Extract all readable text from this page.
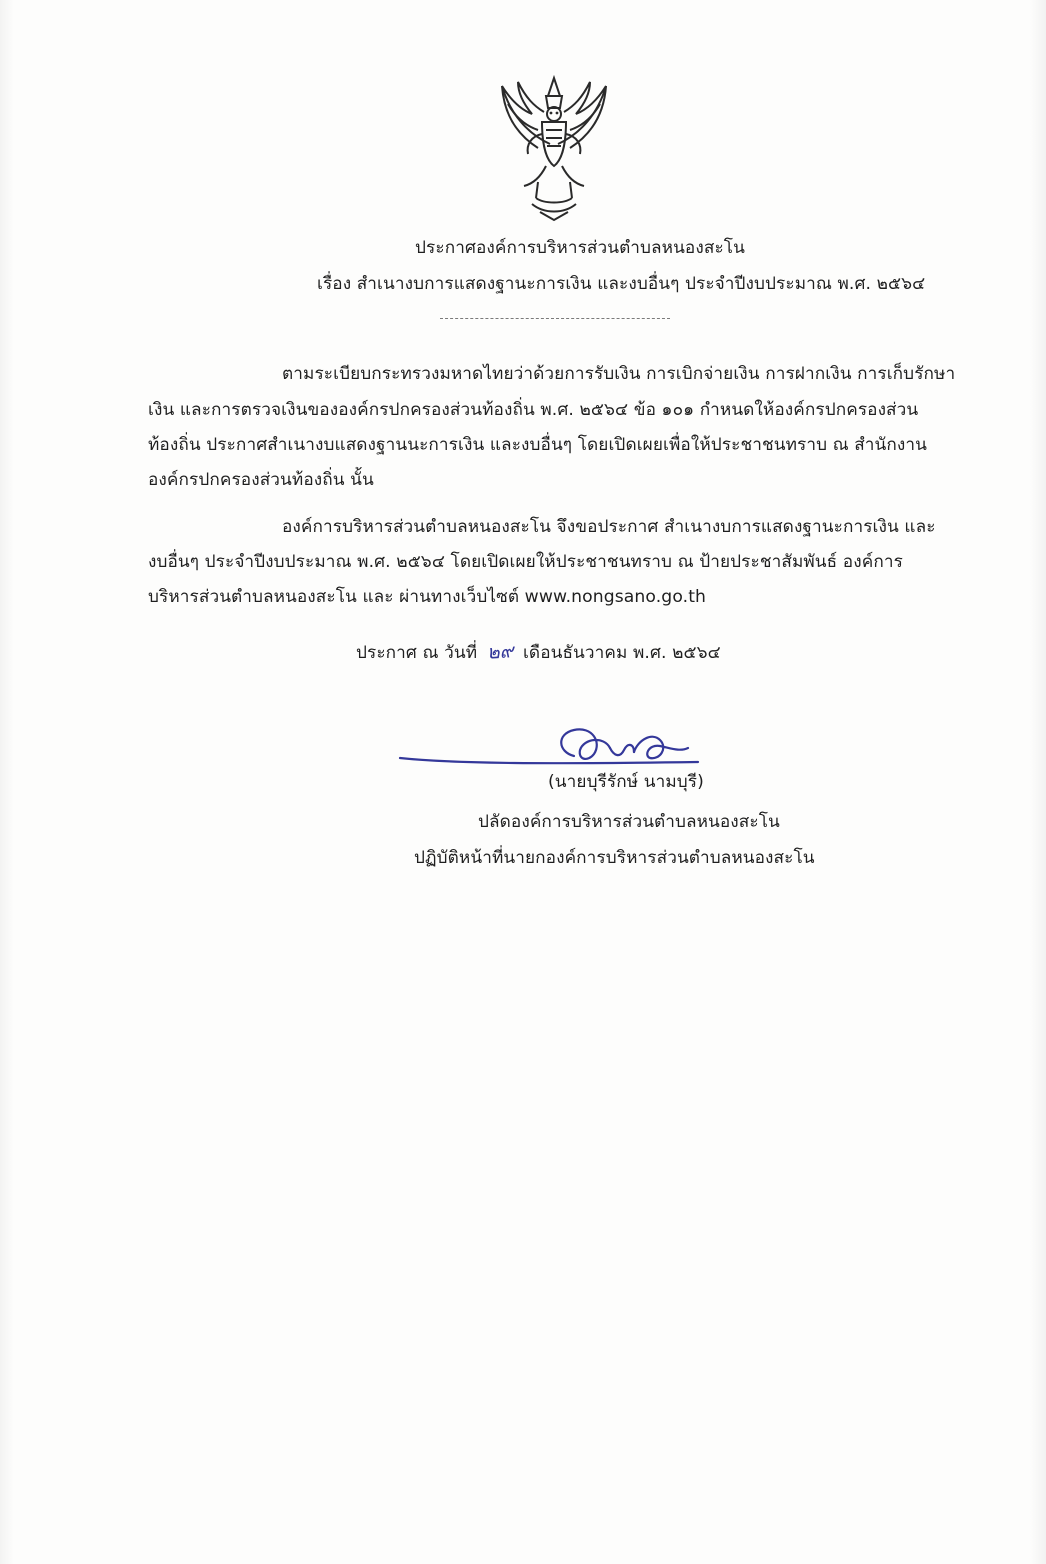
ประกาศองค์การบริหารส่วนตำบลหนองสะโน
เรื่อง สำเนางบการแสดงฐานะการเงิน และงบอื่นๆ ประจำปีงบประมาณ พ.ศ. ๒๕๖๔
ตามระเบียบกระทรวงมหาดไทยว่าด้วยการรับเงิน การเบิกจ่ายเงิน การฝากเงิน การเก็บรักษา
เงิน และการตรวจเงินขององค์กรปกครองส่วนท้องถิ่น พ.ศ. ๒๕๖๔ ข้อ ๑๐๑ กำหนดให้องค์กรปกครองส่วน
ท้องถิ่น ประกาศสำเนางบแสดงฐานนะการเงิน และงบอื่นๆ โดยเปิดเผยเพื่อให้ประชาชนทราบ ณ สำนักงาน
องค์กรปกครองส่วนท้องถิ่น นั้น
องค์การบริหารส่วนตำบลหนองสะโน จึงขอประกาศ สำเนางบการแสดงฐานะการเงิน และ
งบอื่นๆ ประจำปีงบประมาณ พ.ศ. ๒๕๖๔ โดยเปิดเผยให้ประชาชนทราบ ณ ป้ายประชาสัมพันธ์ องค์การ
บริหารส่วนตำบลหนองสะโน และ ผ่านทางเว็บไซต์ www.nongsano.go.th
ประกาศ ณ วันที่ ๒๙ เดือนธันวาคม พ.ศ. ๒๕๖๔
(นายบุรีรักษ์ นามบุรี)
ปลัดองค์การบริหารส่วนตำบลหนองสะโน
ปฏิบัติหน้าที่นายกองค์การบริหารส่วนตำบลหนองสะโน
